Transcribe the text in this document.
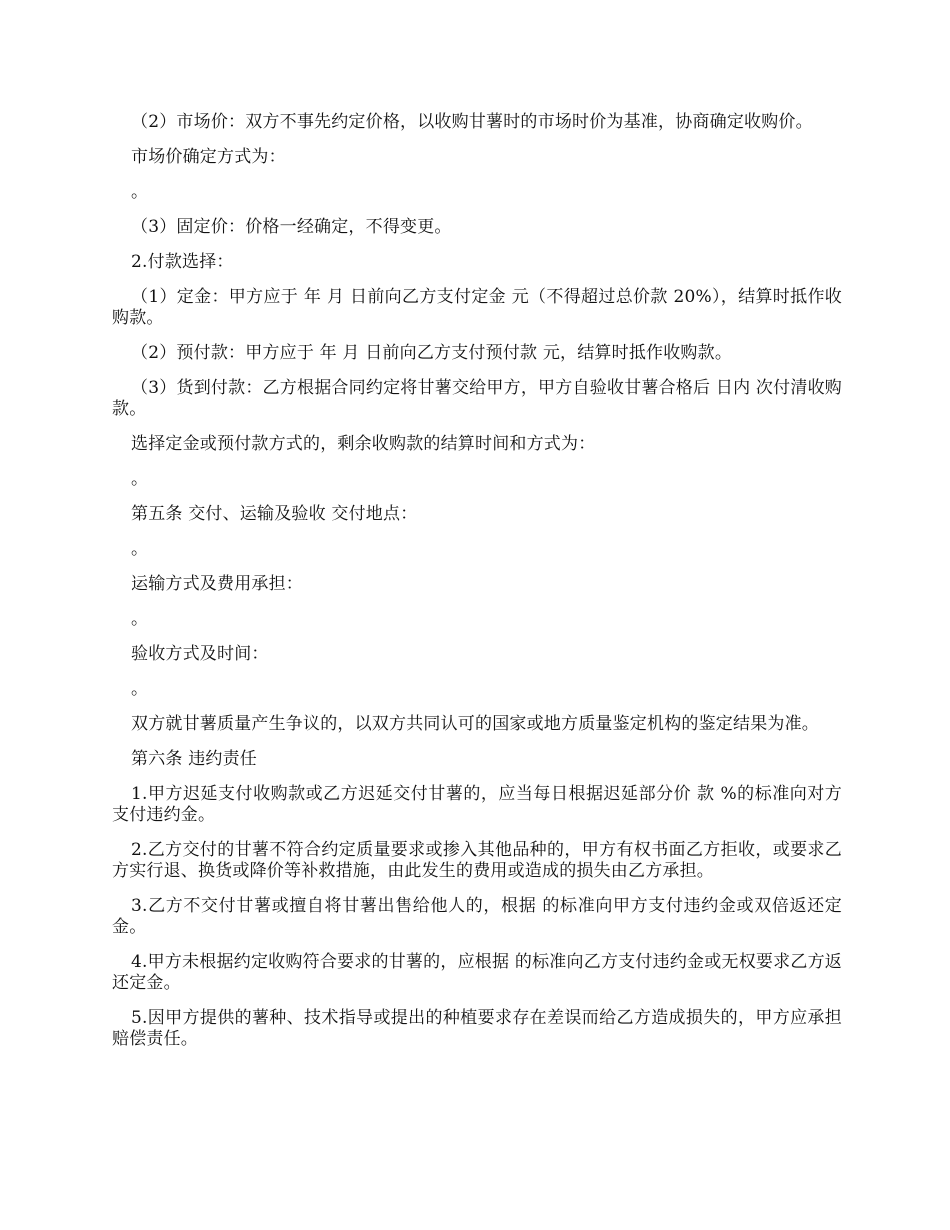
（2）市场价：双方不事先约定价格，以收购甘薯时的市场时价为基准，协商确定收购价。

市场价确定方式为：

。

（3）固定价：价格一经确定，不得变更。

2.付款选择：

（1）定金：甲方应于 年 月 日前向乙方支付定金 元（不得超过总价款 20%），结算时抵作收购款。

（2）预付款：甲方应于 年 月 日前向乙方支付预付款 元，结算时抵作收购款。

（3）货到付款：乙方根据合同约定将甘薯交给甲方，甲方自验收甘薯合格后 日内 次付清收购款。

选择定金或预付款方式的，剩余收购款的结算时间和方式为：

。

第五条 交付、运输及验收 交付地点：

。

运输方式及费用承担：

。

验收方式及时间：

。

双方就甘薯质量产生争议的，以双方共同认可的国家或地方质量鉴定机构的鉴定结果为准。

第六条 违约责任

1.甲方迟延支付收购款或乙方迟延交付甘薯的，应当每日根据迟延部分价 款 %的标准向对方支付违约金。

2.乙方交付的甘薯不符合约定质量要求或掺入其他品种的，甲方有权书面乙方拒收，或要求乙方实行退、换货或降价等补救措施，由此发生的费用或造成的损失由乙方承担。

3.乙方不交付甘薯或擅自将甘薯出售给他人的，根据 的标准向甲方支付违约金或双倍返还定金。

4.甲方未根据约定收购符合要求的甘薯的，应根据 的标准向乙方支付违约金或无权要求乙方返还定金。

5.因甲方提供的薯种、技术指导或提出的种植要求存在差误而给乙方造成损失的，甲方应承担赔偿责任。
